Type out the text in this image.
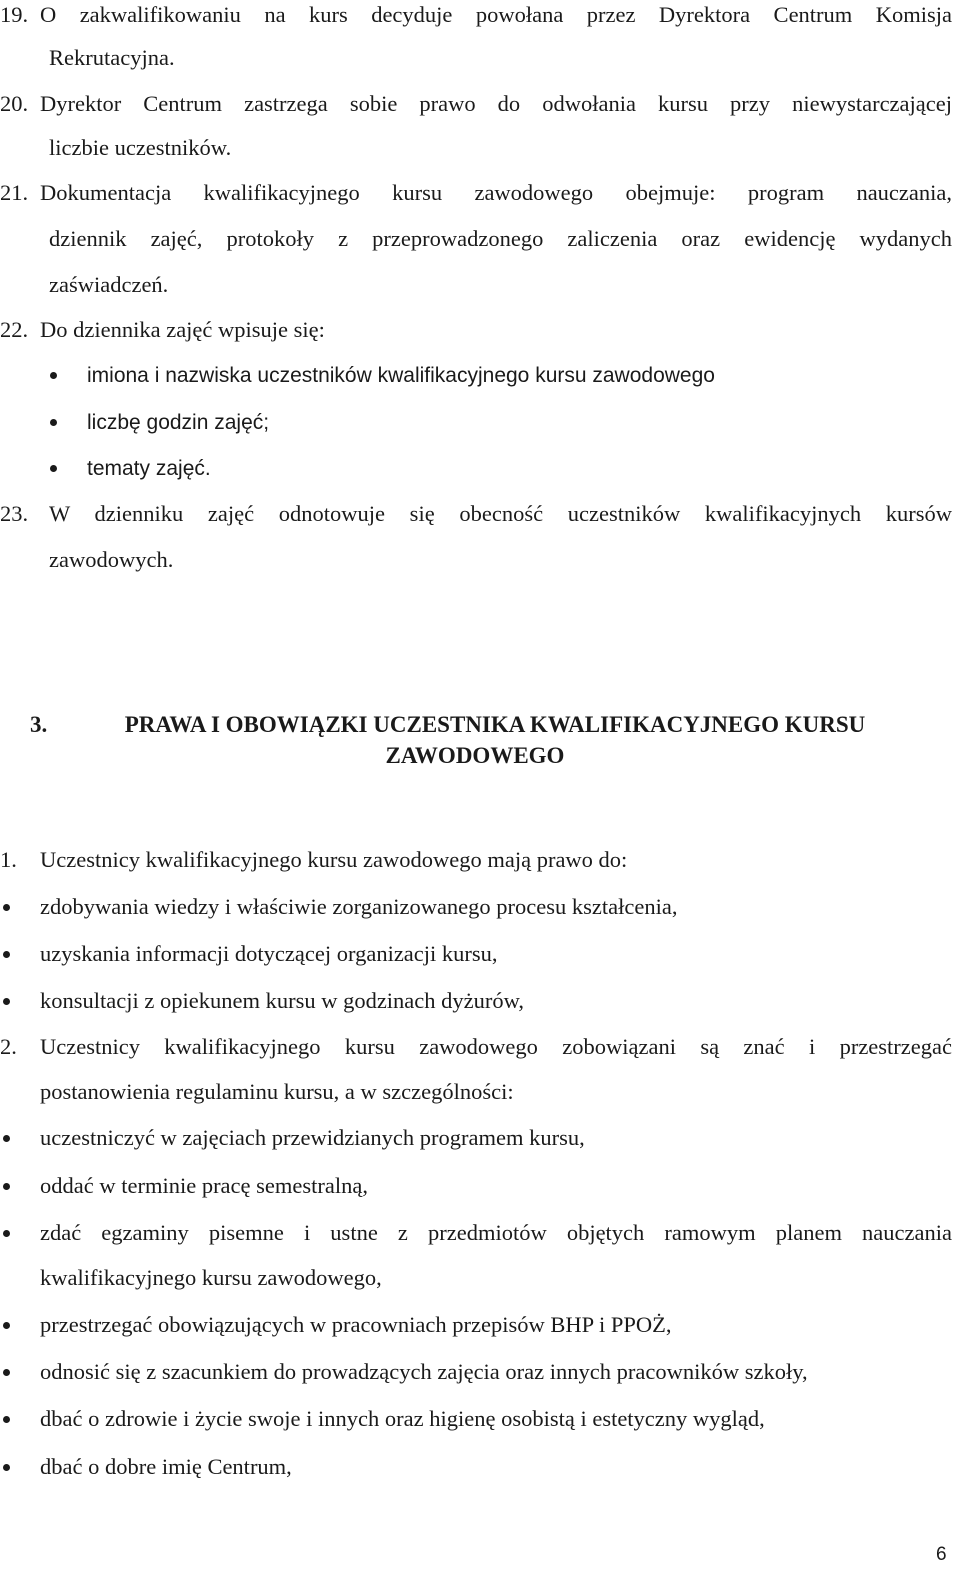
19. O zakwalifikowaniu na kurs decyduje powołana przez Dyrektora Centrum Komisja
Rekrutacyjna.
20. Dyrektor Centrum zastrzega sobie prawo do odwołania kursu przy niewystarczającej
liczbie uczestników.
21. Dokumentacja kwalifikacyjnego kursu zawodowego obejmuje: program nauczania,
dziennik zajęć, protokoły z przeprowadzonego zaliczenia oraz ewidencję wydanych
zaświadczeń.
22. Do dziennika zajęć wpisuje się:
imiona i nazwiska uczestników kwalifikacyjnego kursu zawodowego
liczbę godzin zajęć;
tematy zajęć.
23. W dzienniku zajęć odnotowuje się obecność uczestników kwalifikacyjnych kursów
zawodowych.
3.	PRAWA I OBOWIĄZKI UCZESTNIKA KWALIFIKACYJNEGO KURSU
ZAWODOWEGO
1. Uczestnicy kwalifikacyjnego kursu zawodowego mają prawo do:
zdobywania wiedzy i właściwie zorganizowanego procesu kształcenia,
uzyskania informacji dotyczącej organizacji kursu,
konsultacji z opiekunem kursu w godzinach dyżurów,
2. Uczestnicy kwalifikacyjnego kursu zawodowego zobowiązani są znać i przestrzegać
postanowienia regulaminu kursu, a w szczególności:
uczestniczyć w zajęciach przewidzianych programem kursu,
oddać w terminie pracę semestralną,
zdać egzaminy pisemne i ustne z przedmiotów objętych ramowym planem nauczania
kwalifikacyjnego kursu zawodowego,
przestrzegać obowiązujących w pracowniach przepisów BHP i PPOŻ,
odnosić się z szacunkiem do prowadzących zajęcia oraz innych pracowników szkoły,
dbać o zdrowie i życie swoje i innych oraz higienę osobistą i estetyczny wygląd,
dbać o dobre imię Centrum,
6
